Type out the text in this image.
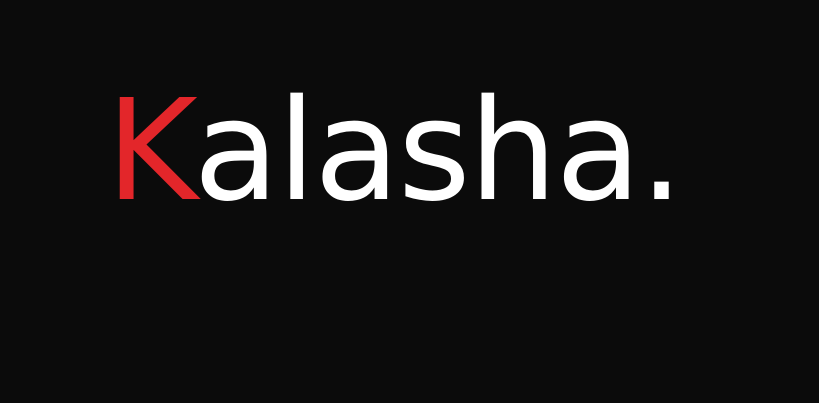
Kalasha.
